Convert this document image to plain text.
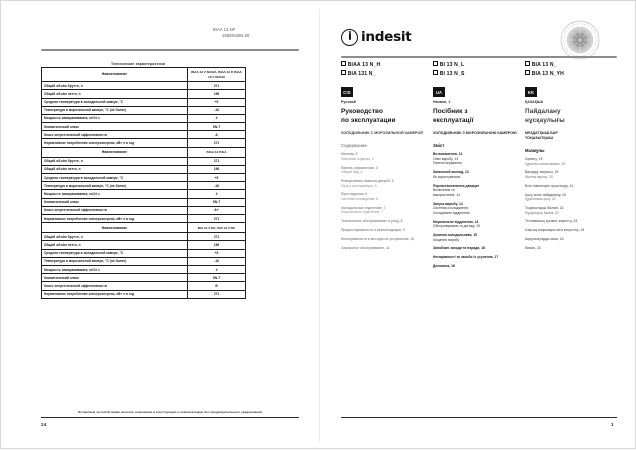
BIAA 13 NF
195081984.00
Технические характеристики
Наименование	BIAA 13 V NC/HA, BIAA 13 P, BIAA 13 V NC/HA
Общий объём брутто, л	271
Общий объём нетто, л	196
Средняя температура в холодильной камере, °С	+5
Температура в морозильной камере, °С (не более)	-18
Мощность замораживания, кг/24 ч	4
Климатический класс	SN-T
Класс энергетической эффективности	A
Нормативное потребление электроэнергии, кВт·ч в год	271
Наименование	BIAA 13 P/HA
Общий объём брутто, л	271
Общий объём нетто, л	196
Средняя температура в холодильной камере, °С	+5
Температура в морозильной камере, °С (не более)	-18
Мощность замораживания, кг/24 ч	4
Климатический класс	SN-T
Класс энергетической эффективности	A+
Нормативное потребление электроэнергии, кВт·ч в год	271
Наименование	BIA 13 V NC, BIA 13 V NC
Общий объём брутто, л	271
Общий объём нетто, л	196
Средняя температура в холодильной камере, °С	+5
Температура в морозильной камере, °С (не более)	-18
Мощность замораживания, кг/24 ч	4
Климатический класс	SN-T
Класс энергетической эффективности	B
Нормативное потребление электроэнергии, кВт·ч в год	271
Оставляем за собой право вносить изменения в конструкцию и комплектацию без предварительного уведомления
24
indesit
BIAA 13 N_H
BIA 131 N_
BI 13 N_L
BI 13 N_S
BIA 13 N_
BIA 13 N_YH
CIS
Русский
UA
Начало, 1
KK
ҚАЗАҚША
Руководство
по эксплуатации
ХОЛОДИЛЬНИК С МОРОЗИЛЬНОЙ КАМЕРОЙ
Содержание
Монтаж, 2
Описание изделия, 3
Панель управления, 3
Общий вид, 4
Реверсивная навеска дверей, 5
Пуск и эксплуатация, 6
Пуск изделия, 6
Система охлаждения, 6
Холодильное отделение, 7
Морозильное отделение, 7
Техническое обслуживание и уход, 8
Предосторожности и рекомендации, 9
Неисправности и методы их устранения, 10
Сервисное обслуживание, 11
Посібник з
експлуатації
ХОЛОДИЛЬНИК З МОРОЗИЛЬНОЮ КАМЕРОЮ
Зміст
Встановлення, 12
Опис виробу, 13
Панель керування
Загальний вигляд, 13
Як користуватися
Перевстановлення дверцят
Включення та
використання, 14
Запуск виробу, 14
Система охолодження
Холодильне відділення
Морозильне відділення, 14
Обслуговування та догляд, 15
Зупинка холодильника, 15
Чищення виробу
Запобіжні заходи та поради, 16
Несправності та засоби їх усунення, 17
Допомога, 18
Пайдалану
нұсқаулығы
МҰЗДАТҚЫШ БАР
ТОҢАЗЫТҚЫШ
Мазмұны
Орнату, 19
Құрылғы сипаттамасы, 20
Басқару тақтасы, 20
Жалпы көрініс, 20
Есік ілмектерін ауыстыру, 21
Қосу және пайдалану, 22
Құрылғыны қосу, 22
Тоңазытқыш бөлімі, 22
Мұздатқыш бөлімі, 22
Техникалық қызмет көрсету, 23
Сақтық шаралары мен кеңестер, 23
Ақаулықтарды жою, 23
Көмек, 23
1
